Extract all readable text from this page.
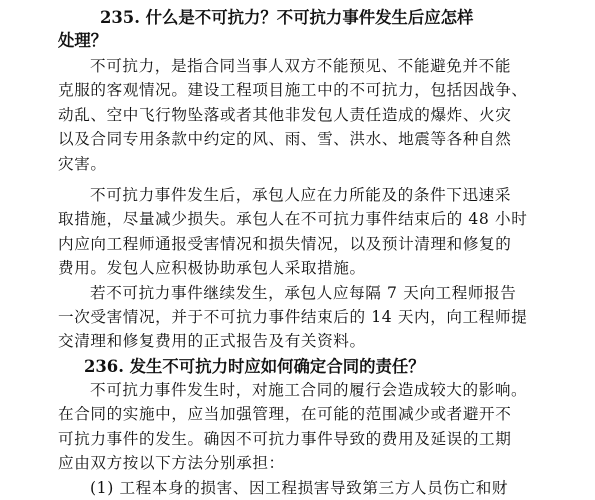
235. 什么是不可抗力？不可抗力事件发生后应怎样

处理？

不可抗力，是指合同当事人双方不能预见、不能避免并不能
克服的客观情况。建设工程项目施工中的不可抗力，包括因战争、
动乱、空中飞行物坠落或者其他非发包人责任造成的爆炸、火灾
以及合同专用条款中约定的风、雨、雪、洪水、地震等各种自然
灾害。
不可抗力事件发生后，承包人应在力所能及的条件下迅速采
取措施，尽量减少损失。承包人在不可抗力事件结束后的 48 小时
内应向工程师通报受害情况和损失情况，以及预计清理和修复的
费用。发包人应积极协助承包人采取措施。
若不可抗力事件继续发生，承包人应每隔 7 天向工程师报告
一次受害情况，并于不可抗力事件结束后的 14 天内，向工程师提
交清理和修复费用的正式报告及有关资料。

236. 发生不可抗力时应如何确定合同的责任？

不可抗力事件发生时，对施工合同的履行会造成较大的影响。
在合同的实施中，应当加强管理，在可能的范围减少或者避开不
可抗力事件的发生。确因不可抗力事件导致的费用及延误的工期
应由双方按以下方法分别承担：
(1) 工程本身的损害、因工程损害导致第三方人员伤亡和财
